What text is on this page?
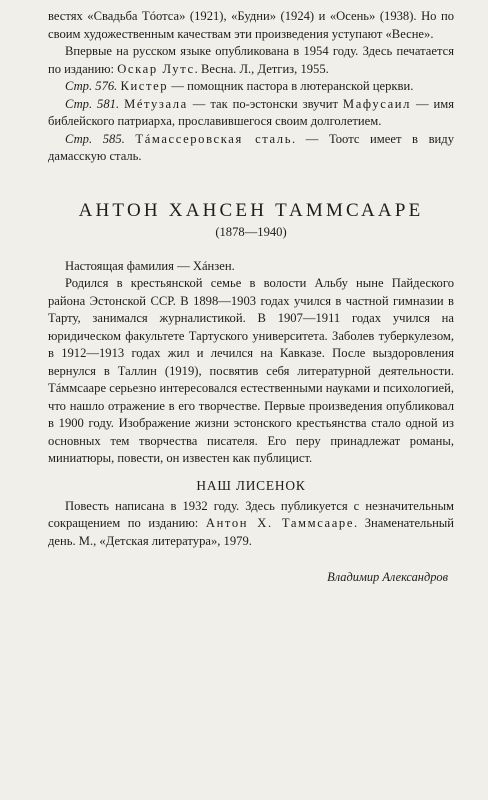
вестях «Свадьба Тóотса» (1921), «Будни» (1924) и «Осень» (1938). Но по своим художественным качествам эти произведения уступают «Весне».

Впервые на русском языке опубликована в 1954 году. Здесь печатается по изданию: Оскар Лутс. Весна. Л., Детгиз, 1955.

Стр. 576. Кистер — помощник пастора в лютеранской церкви.

Стр. 581. Мéтузала — так по-эстонски звучит Мафусаил — имя библейского патриарха, прославившегося своим долголетием.

Стр. 585. Тáмассеровская сталь. — Тоотс имеет в виду дамасскую сталь.

АНТОН ХАНСЕН ТАММСААРЕ
(1878—1940)

Настоящая фамилия — Хáнзен.

Родился в крестьянской семье в волости Альбу ныне Пайдеского района Эстонской ССР. В 1898—1903 годах учился в частной гимназии в Тарту, занимался журналистикой. В 1907—1911 годах учился на юридическом факультете Тартуского университета. Заболев туберкулезом, в 1912—1913 годах жил и лечился на Кавказе. После выздоровления вернулся в Таллин (1919), посвятив себя литературной деятельности. Тáммсааре серьезно интересовался естественными науками и психологией, что нашло отражение в его творчестве. Первые произведения опубликовал в 1900 году. Изображение жизни эстонского крестьянства стало одной из основных тем творчества писателя. Его перу принадлежат романы, миниатюры, повести, он известен как публицист.

НАШ ЛИСЕНОК

Повесть написана в 1932 году. Здесь публикуется с незначительным сокращением по изданию: Антон Х. Таммсааре. Знаменательный день. М., «Детская литература», 1979.

Владимир Александров
